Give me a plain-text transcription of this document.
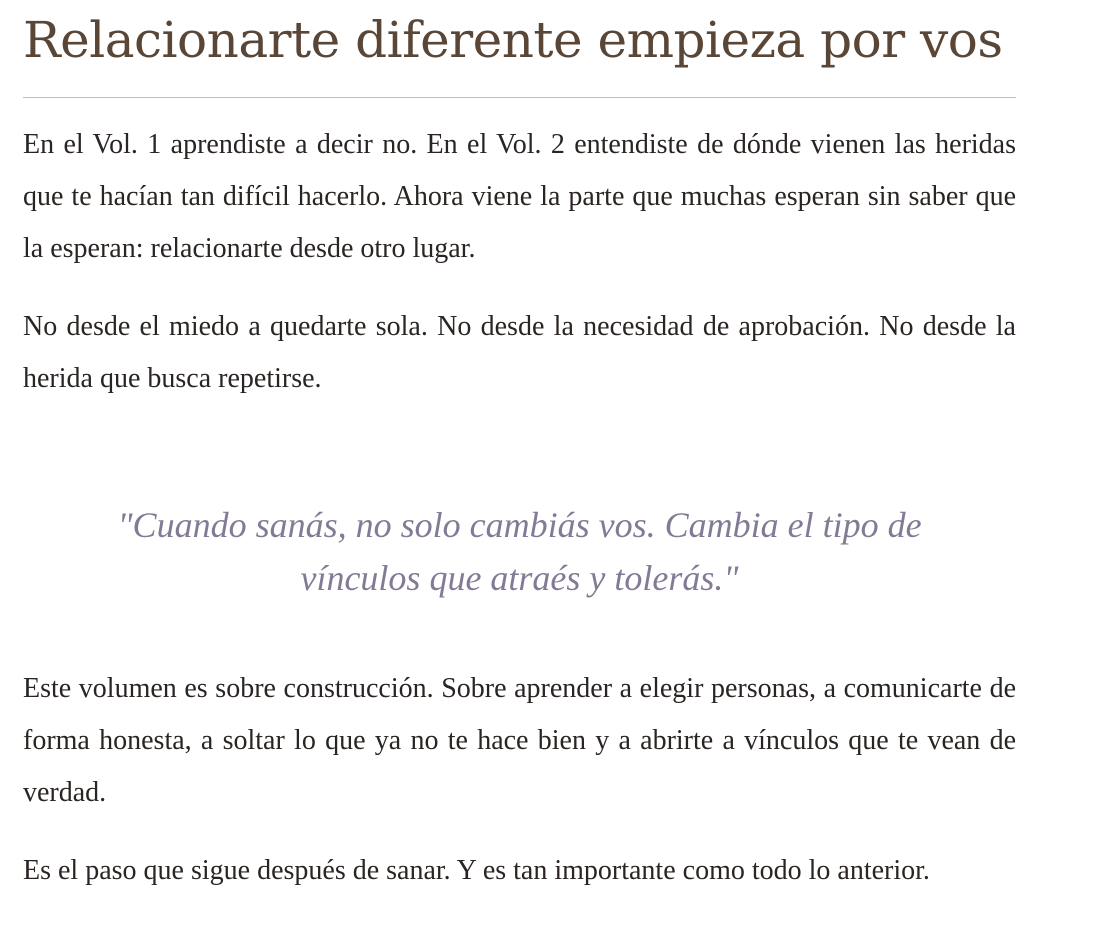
Relacionarte diferente empieza por vos

En el Vol. 1 aprendiste a decir no. En el Vol. 2 entendiste de dónde vienen las heridas que te hacían tan difícil hacerlo. Ahora viene la parte que muchas esperan sin saber que la esperan: relacionarte desde otro lugar.

No desde el miedo a quedarte sola. No desde la necesidad de aprobación. No desde la herida que busca repetirse.

"Cuando sanás, no solo cambiás vos. Cambia el tipo de vínculos que atraés y tolerás."

Este volumen es sobre construcción. Sobre aprender a elegir personas, a comunicarte de forma honesta, a soltar lo que ya no te hace bien y a abrirte a vínculos que te vean de verdad.

Es el paso que sigue después de sanar. Y es tan importante como todo lo anterior.
